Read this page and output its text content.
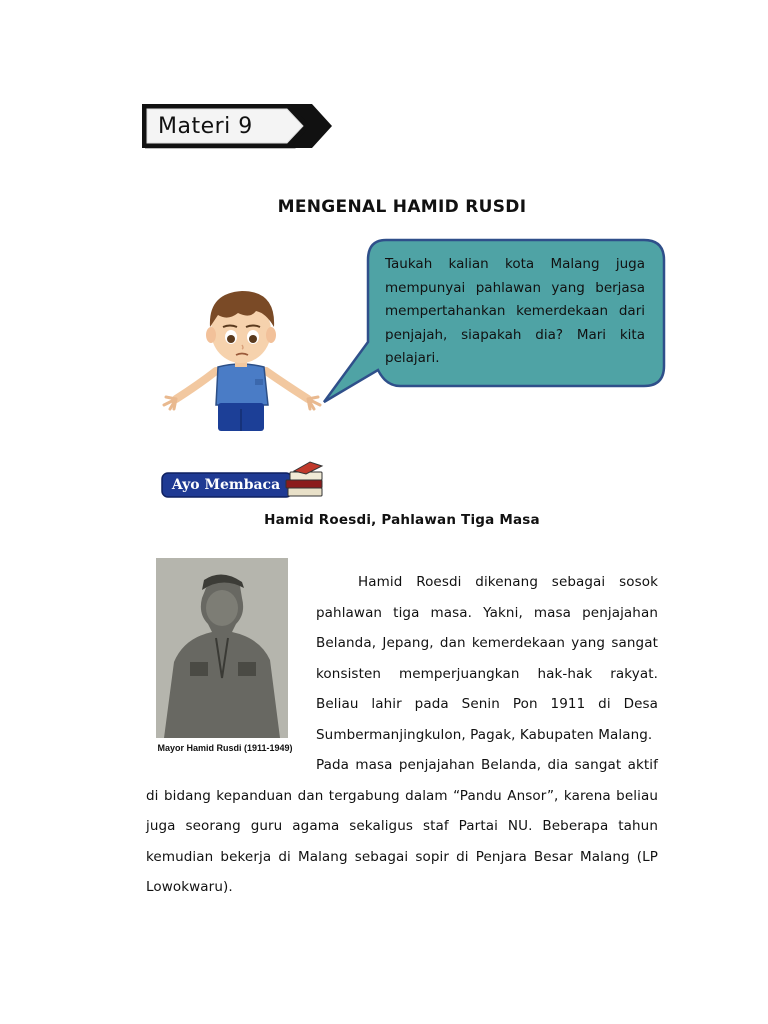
Materi 9
MENGENAL HAMID RUSDI
Taukah kalian kota Malang juga
mempunyai pahlawan yang berjasa
mempertahankan kemerdekaan dari
penjajah, siapakah dia? Mari kita
pelajari.
Ayo Membaca
Hamid Roesdi, Pahlawan Tiga Masa
Mayor Hamid Rusdi (1911-1949)
Hamid Roesdi dikenang sebagai sosok
pahlawan tiga masa. Yakni, masa penjajahan
Belanda, Jepang, dan kemerdekaan yang sangat
konsisten memperjuangkan hak-hak rakyat.
Beliau lahir pada Senin Pon 1911 di Desa
Sumbermanjingkulon, Pagak, Kabupaten Malang.
Pada masa penjajahan Belanda, dia sangat aktif
di bidang kepanduan dan tergabung dalam “Pandu Ansor”, karena beliau
juga seorang guru agama sekaligus staf Partai NU. Beberapa tahun
kemudian bekerja di Malang sebagai sopir di Penjara Besar Malang (LP
Lowokwaru).
